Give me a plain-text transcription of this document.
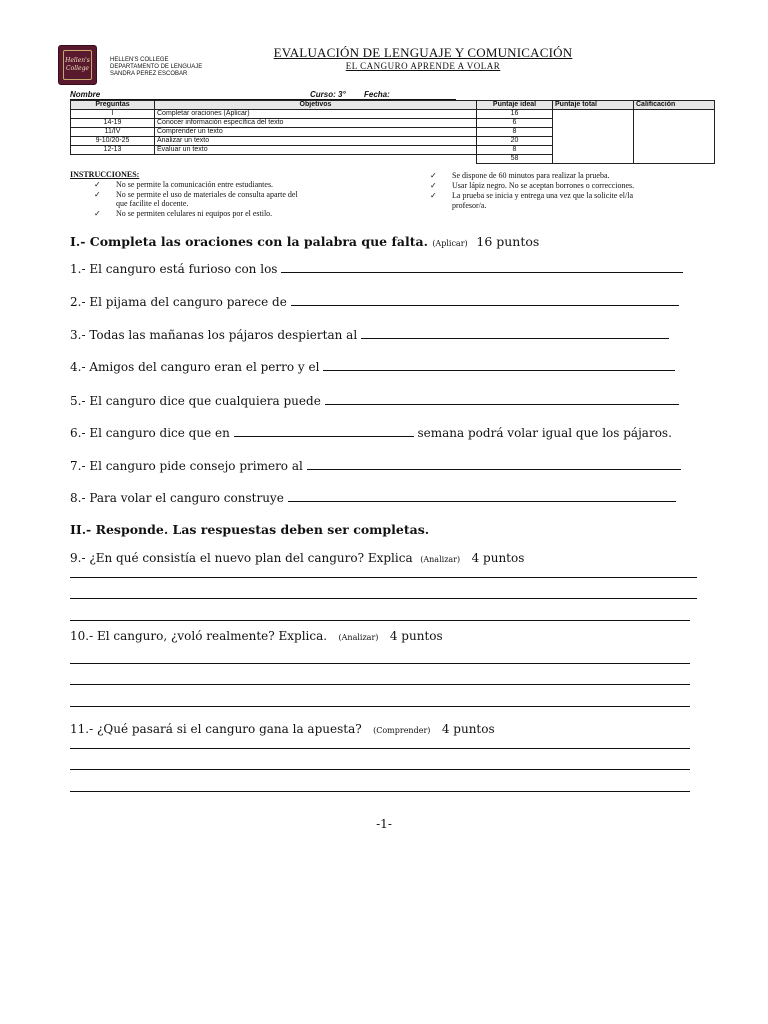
Hellen's
College
HELLEN'S COLLEGE
DEPARTAMENTO DE LENGUAJE
SANDRA PEREZ ESCOBAR
EVALUACIÓN DE LENGUAJE Y COMUNICACIÓN
EL CANGURO APRENDE A VOLAR
Nombre	Curso: 3° Fecha:
Preguntas	Objetivos	Puntaje ideal	Puntaje total	Calificación
I	Completar oraciones (Aplicar)	16		
14-19	Conocer información específica del texto	6		
11/IV	Comprender un texto	8		
9-10/20-25	Analizar un texto	20		
12-13	Evaluar un texto	8		
		58		
INSTRUCCIONES:
✓ No se permite la comunicación entre estudiantes.
✓ No se permite el uso de materiales de consulta aparte del
que facilite el docente.
✓ No se permiten celulares ni equipos por el estilo.
✓ Se dispone de 60 minutos para realizar la prueba.
✓ Usar lápiz negro. No se aceptan borrones o correcciones.
✓ La prueba se inicia y entrega una vez que la solicite el/la
profesor/a.
I.- Completa las oraciones con la palabra que falta. (Aplicar) 16 puntos
1.- El canguro está furioso con los
2.- El pijama del canguro parece de
3.- Todas las mañanas los pájaros despiertan al
4.- Amigos del canguro eran el perro y el
5.- El canguro dice que cualquiera puede
6.- El canguro dice que en	semana podrá volar igual que los pájaros.
7.- El canguro pide consejo primero al
8.- Para volar el canguro construye
II.- Responde. Las respuestas deben ser completas.
9.- ¿En qué consistía el nuevo plan del canguro? Explica (Analizar) 4 puntos
10.- El canguro, ¿voló realmente? Explica. (Analizar) 4 puntos
11.- ¿Qué pasará si el canguro gana la apuesta? (Comprender) 4 puntos
-1-
